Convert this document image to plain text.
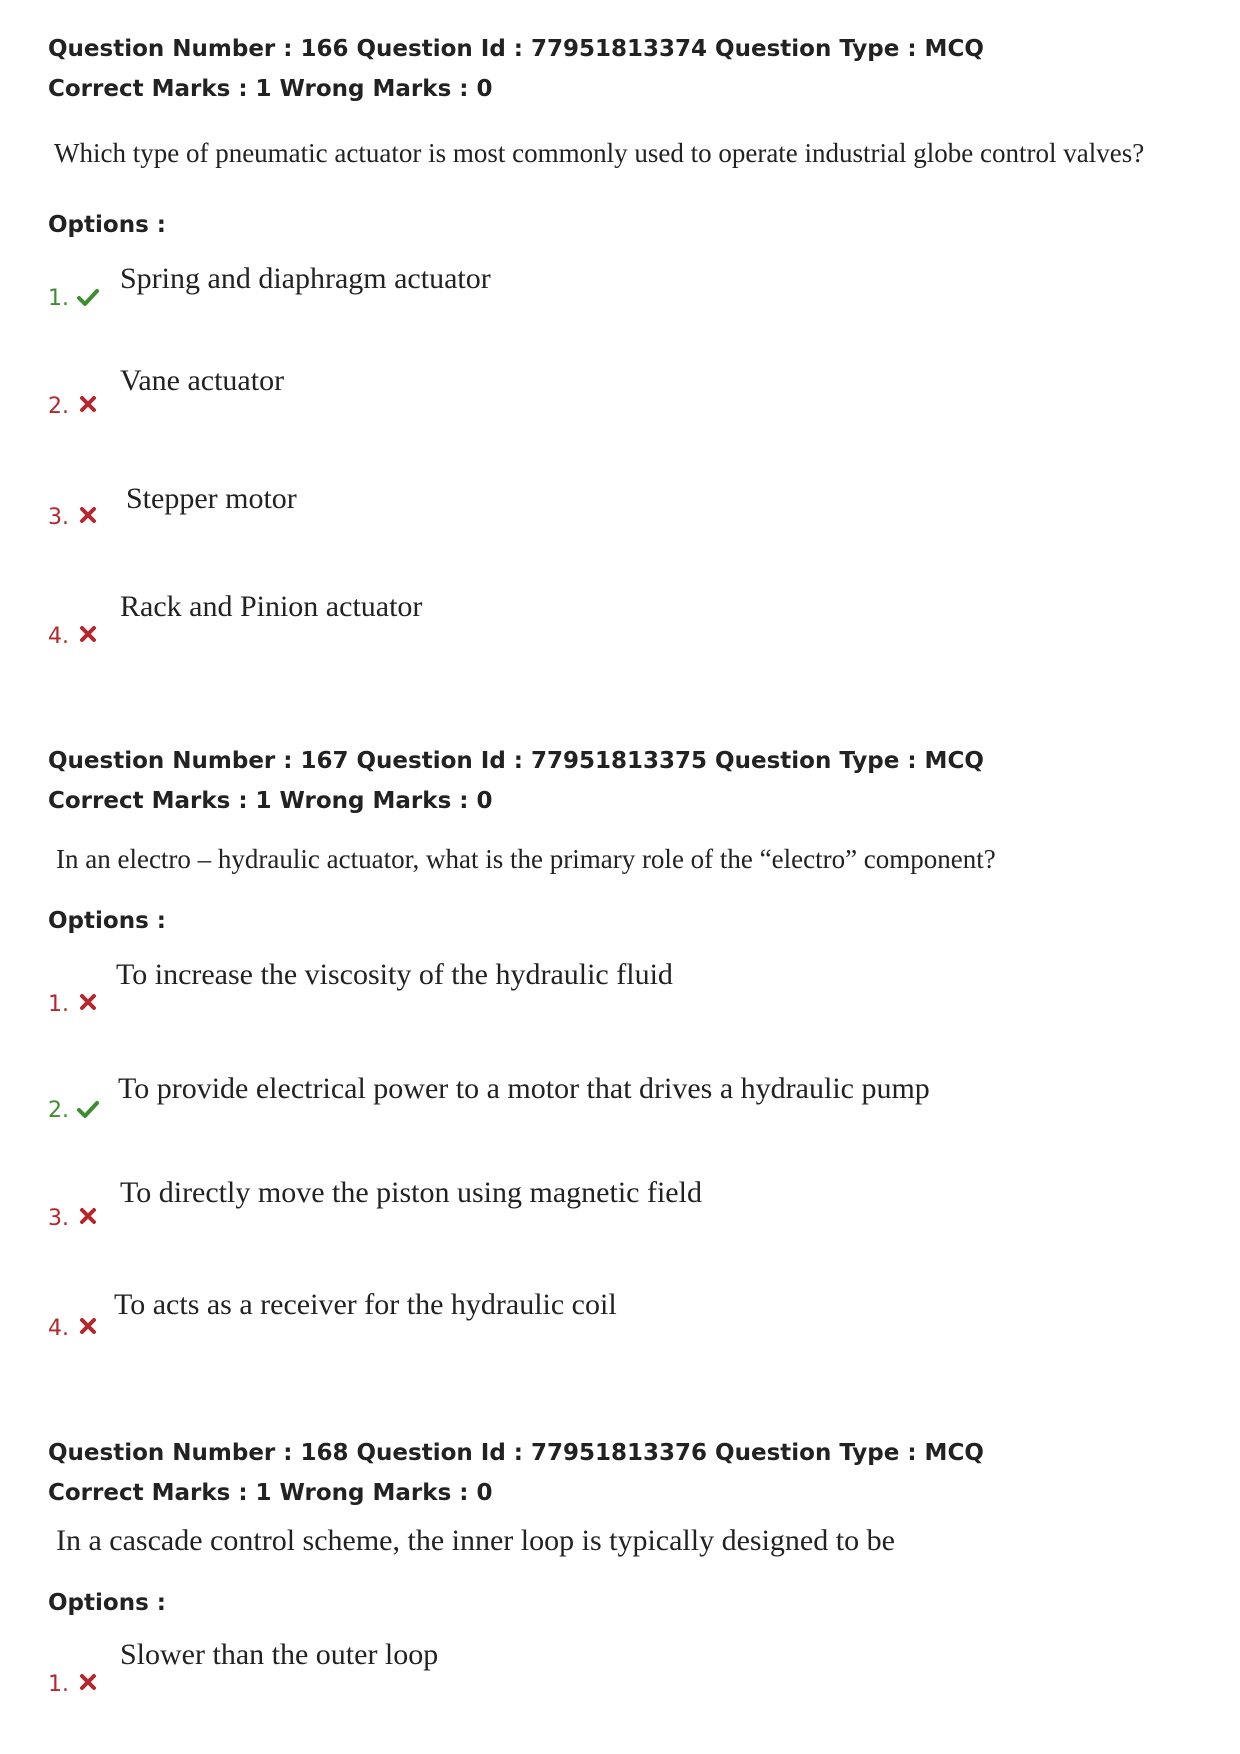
Question Number : 166 Question Id : 77951813374 Question Type : MCQ
Correct Marks : 1 Wrong Marks : 0
Which type of pneumatic actuator is most commonly used to operate industrial globe control valves?
Options :
1.
Spring and diaphragm actuator
2.
Vane actuator
3.
Stepper motor
4.
Rack and Pinion actuator
Question Number : 167 Question Id : 77951813375 Question Type : MCQ
Correct Marks : 1 Wrong Marks : 0
In an electro – hydraulic actuator, what is the primary role of the “electro” component?
Options :
1.
To increase the viscosity of the hydraulic fluid
2.
To provide electrical power to a motor that drives a hydraulic pump
3.
To directly move the piston using magnetic field
4.
To acts as a receiver for the hydraulic coil
Question Number : 168 Question Id : 77951813376 Question Type : MCQ
Correct Marks : 1 Wrong Marks : 0
In a cascade control scheme, the inner loop is typically designed to be
Options :
1.
Slower than the outer loop
